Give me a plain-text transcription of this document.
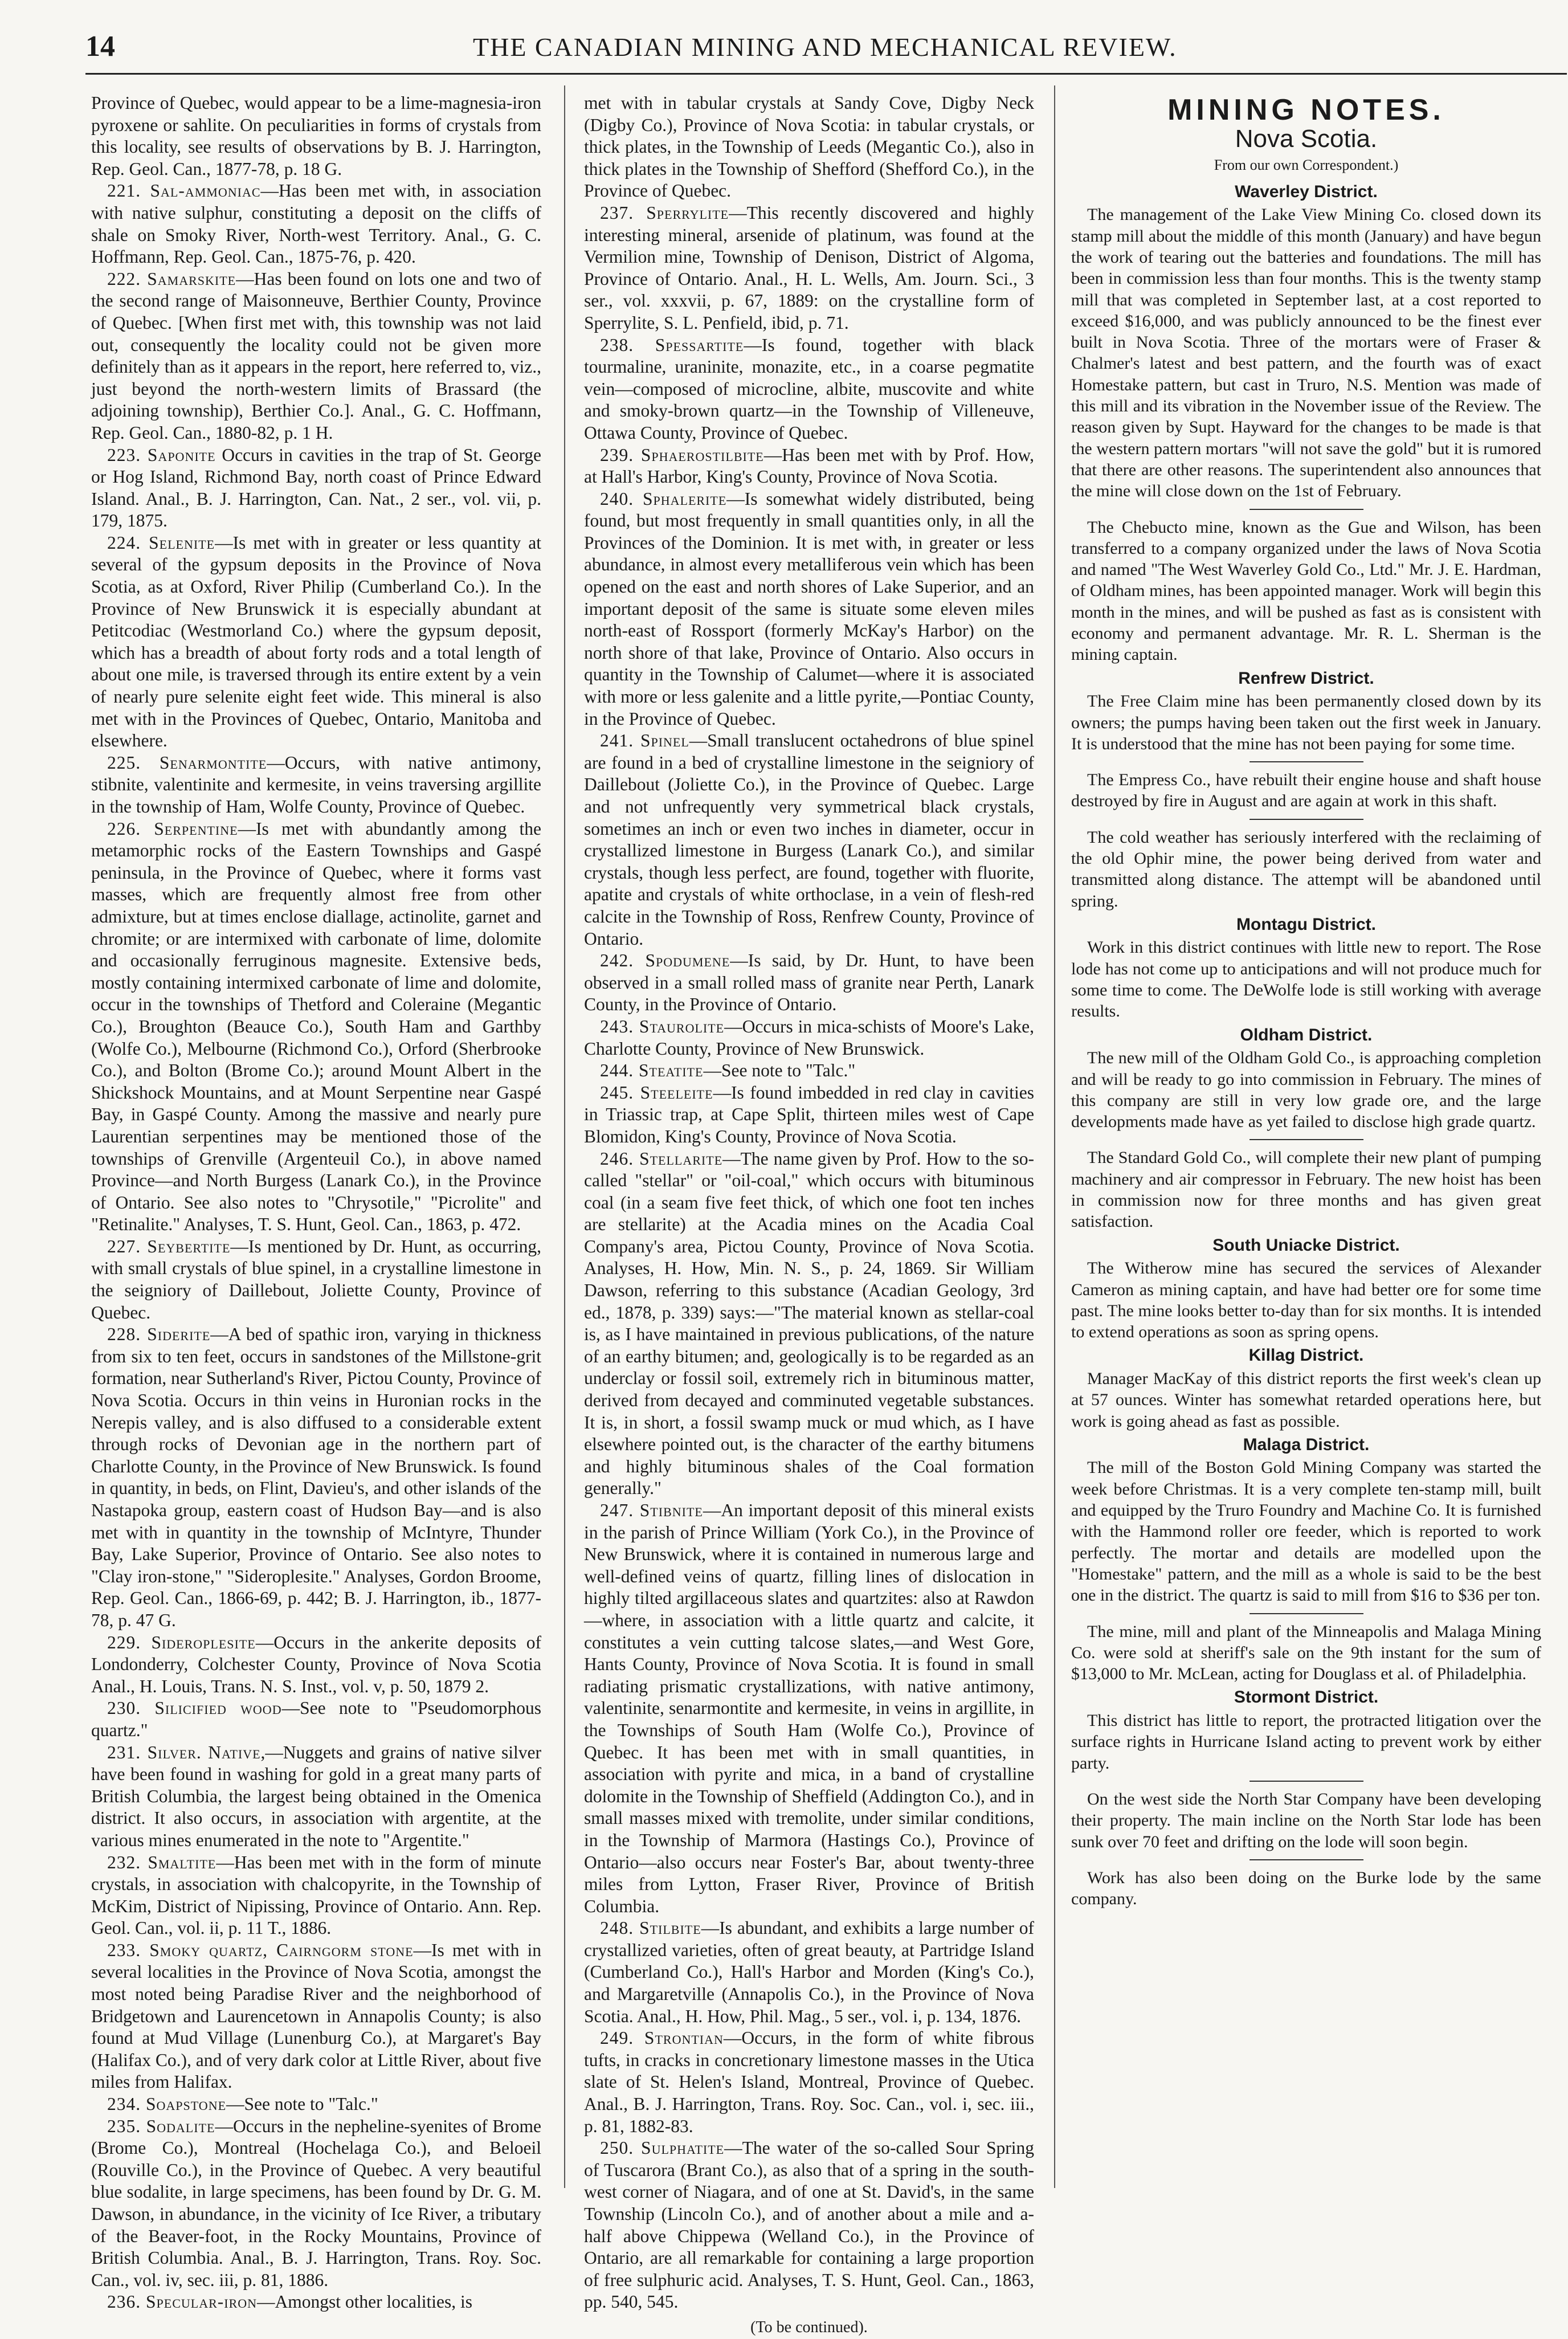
14	THE CANADIAN MINING AND MECHANICAL REVIEW.

Province of Quebec, would appear to be a lime-magnesia-iron pyroxene or sahlite. On peculiarities in forms of crystals from this locality, see results of observations by B. J. Harrington, Rep. Geol. Can., 1877-78, p. 18 G.

221. Sal-ammoniac—Has been met with, in association with native sulphur, constituting a deposit on the cliffs of shale on Smoky River, North-west Territory. Anal., G. C. Hoffmann, Rep. Geol. Can., 1875-76, p. 420.

222. Samarskite—Has been found on lots one and two of the second range of Maisonneuve, Berthier County, Province of Quebec. [When first met with, this township was not laid out, consequently the locality could not be given more definitely than as it appears in the report, here referred to, viz., just beyond the north-western limits of Brassard (the adjoining township), Berthier Co.]. Anal., G. C. Hoffmann, Rep. Geol. Can., 1880-82, p. 1 H.

223. Saponite Occurs in cavities in the trap of St. George or Hog Island, Richmond Bay, north coast of Prince Edward Island. Anal., B. J. Harrington, Can. Nat., 2 ser., vol. vii, p. 179, 1875.

224. Selenite—Is met with in greater or less quantity at several of the gypsum deposits in the Province of Nova Scotia, as at Oxford, River Philip (Cumberland Co.). In the Province of New Brunswick it is especially abundant at Petitcodiac (Westmorland Co.) where the gypsum deposit, which has a breadth of about forty rods and a total length of about one mile, is traversed through its entire extent by a vein of nearly pure selenite eight feet wide. This mineral is also met with in the Provinces of Quebec, Ontario, Manitoba and elsewhere.

225. Senarmontite—Occurs, with native antimony, stibnite, valentinite and kermesite, in veins traversing argillite in the township of Ham, Wolfe County, Province of Quebec.

226. Serpentine—Is met with abundantly among the metamorphic rocks of the Eastern Townships and Gaspé peninsula, in the Province of Quebec, where it forms vast masses, which are frequently almost free from other admixture, but at times enclose diallage, actinolite, garnet and chromite; or are intermixed with carbonate of lime, dolomite and occasionally ferruginous magnesite. Extensive beds, mostly containing intermixed carbonate of lime and dolomite, occur in the townships of Thetford and Coleraine (Megantic Co.), Broughton (Beauce Co.), South Ham and Garthby (Wolfe Co.), Melbourne (Richmond Co.), Orford (Sherbrooke Co.), and Bolton (Brome Co.); around Mount Albert in the Shickshock Mountains, and at Mount Serpentine near Gaspé Bay, in Gaspé County. Among the massive and nearly pure Laurentian serpentines may be mentioned those of the townships of Grenville (Argenteuil Co.), in above named Province—and North Burgess (Lanark Co.), in the Province of Ontario. See also notes to "Chrysotile," "Picrolite" and "Retinalite." Analyses, T. S. Hunt, Geol. Can., 1863, p. 472.

227. Seybertite—Is mentioned by Dr. Hunt, as occurring, with small crystals of blue spinel, in a crystalline limestone in the seigniory of Daillebout, Joliette County, Province of Quebec.

228. Siderite—A bed of spathic iron, varying in thickness from six to ten feet, occurs in sandstones of the Millstone-grit formation, near Sutherland's River, Pictou County, Province of Nova Scotia. Occurs in thin veins in Huronian rocks in the Nerepis valley, and is also diffused to a considerable extent through rocks of Devonian age in the northern part of Charlotte County, in the Province of New Brunswick. Is found in quantity, in beds, on Flint, Davieu's, and other islands of the Nastapoka group, eastern coast of Hudson Bay—and is also met with in quantity in the township of McIntyre, Thunder Bay, Lake Superior, Province of Ontario. See also notes to "Clay iron-stone," "Sideroplesite." Analyses, Gordon Broome, Rep. Geol. Can., 1866-69, p. 442; B. J. Harrington, ib., 1877-78, p. 47 G.

229. Sideroplesite—Occurs in the ankerite deposits of Londonderry, Colchester County, Province of Nova Scotia Anal., H. Louis, Trans. N. S. Inst., vol. v, p. 50, 1879 2.

230. Silicified wood—See note to "Pseudomorphous quartz."

231. Silver. Native,—Nuggets and grains of native silver have been found in washing for gold in a great many parts of British Columbia, the largest being obtained in the Omenica district. It also occurs, in association with argentite, at the various mines enumerated in the note to "Argentite."

232. Smaltite—Has been met with in the form of minute crystals, in association with chalcopyrite, in the Township of McKim, District of Nipissing, Province of Ontario. Ann. Rep. Geol. Can., vol. ii, p. 11 T., 1886.

233. Smoky quartz, Cairngorm stone—Is met with in several localities in the Province of Nova Scotia, amongst the most noted being Paradise River and the neighborhood of Bridgetown and Laurencetown in Annapolis County; is also found at Mud Village (Lunenburg Co.), at Margaret's Bay (Halifax Co.), and of very dark color at Little River, about five miles from Halifax.

234. Soapstone—See note to "Talc."

235. Sodalite—Occurs in the nepheline-syenites of Brome (Brome Co.), Montreal (Hochelaga Co.), and Beloeil (Rouville Co.), in the Province of Quebec. A very beautiful blue sodalite, in large specimens, has been found by Dr. G. M. Dawson, in abundance, in the vicinity of Ice River, a tributary of the Beaver-foot, in the Rocky Mountains, Province of British Columbia. Anal., B. J. Harrington, Trans. Roy. Soc. Can., vol. iv, sec. iii, p. 81, 1886.

236. Specular-iron—Amongst other localities, is

met with in tabular crystals at Sandy Cove, Digby Neck (Digby Co.), Province of Nova Scotia: in tabular crystals, or thick plates, in the Township of Leeds (Megantic Co.), also in thick plates in the Township of Shefford (Shefford Co.), in the Province of Quebec.

237. Sperrylite—This recently discovered and highly interesting mineral, arsenide of platinum, was found at the Vermilion mine, Township of Denison, District of Algoma, Province of Ontario. Anal., H. L. Wells, Am. Journ. Sci., 3 ser., vol. xxxvii, p. 67, 1889: on the crystalline form of Sperrylite, S. L. Penfield, ibid, p. 71.

238. Spessartite—Is found, together with black tourmaline, uraninite, monazite, etc., in a coarse pegmatite vein—composed of microcline, albite, muscovite and white and smoky-brown quartz—in the Township of Villeneuve, Ottawa County, Province of Quebec.

239. Sphaerostilbite—Has been met with by Prof. How, at Hall's Harbor, King's County, Province of Nova Scotia.

240. Sphalerite—Is somewhat widely distributed, being found, but most frequently in small quantities only, in all the Provinces of the Dominion. It is met with, in greater or less abundance, in almost every metalliferous vein which has been opened on the east and north shores of Lake Superior, and an important deposit of the same is situate some eleven miles north-east of Rossport (formerly McKay's Harbor) on the north shore of that lake, Province of Ontario. Also occurs in quantity in the Township of Calumet—where it is associated with more or less galenite and a little pyrite,—Pontiac County, in the Province of Quebec.

241. Spinel—Small translucent octahedrons of blue spinel are found in a bed of crystalline limestone in the seigniory of Daillebout (Joliette Co.), in the Province of Quebec. Large and not unfrequently very symmetrical black crystals, sometimes an inch or even two inches in diameter, occur in crystallized limestone in Burgess (Lanark Co.), and similar crystals, though less perfect, are found, together with fluorite, apatite and crystals of white orthoclase, in a vein of flesh-red calcite in the Township of Ross, Renfrew County, Province of Ontario.

242. Spodumene—Is said, by Dr. Hunt, to have been observed in a small rolled mass of granite near Perth, Lanark County, in the Province of Ontario.

243. Staurolite—Occurs in mica-schists of Moore's Lake, Charlotte County, Province of New Brunswick.

244. Steatite—See note to "Talc."

245. Steeleite—Is found imbedded in red clay in cavities in Triassic trap, at Cape Split, thirteen miles west of Cape Blomidon, King's County, Province of Nova Scotia.

246. Stellarite—The name given by Prof. How to the so-called "stellar" or "oil-coal," which occurs with bituminous coal (in a seam five feet thick, of which one foot ten inches are stellarite) at the Acadia mines on the Acadia Coal Company's area, Pictou County, Province of Nova Scotia. Analyses, H. How, Min. N. S., p. 24, 1869. Sir William Dawson, referring to this substance (Acadian Geology, 3rd ed., 1878, p. 339) says:—"The material known as stellar-coal is, as I have maintained in previous publications, of the nature of an earthy bitumen; and, geologically is to be regarded as an underclay or fossil soil, extremely rich in bituminous matter, derived from decayed and comminuted vegetable substances. It is, in short, a fossil swamp muck or mud which, as I have elsewhere pointed out, is the character of the earthy bitumens and highly bituminous shales of the Coal formation generally."

247. Stibnite—An important deposit of this mineral exists in the parish of Prince William (York Co.), in the Province of New Brunswick, where it is contained in numerous large and well-defined veins of quartz, filling lines of dislocation in highly tilted argillaceous slates and quartzites: also at Rawdon—where, in association with a little quartz and calcite, it constitutes a vein cutting talcose slates,—and West Gore, Hants County, Province of Nova Scotia. It is found in small radiating prismatic crystallizations, with native antimony, valentinite, senarmontite and kermesite, in veins in argillite, in the Townships of South Ham (Wolfe Co.), Province of Quebec. It has been met with in small quantities, in association with pyrite and mica, in a band of crystalline dolomite in the Township of Sheffield (Addington Co.), and in small masses mixed with tremolite, under similar conditions, in the Township of Marmora (Hastings Co.), Province of Ontario—also occurs near Foster's Bar, about twenty-three miles from Lytton, Fraser River, Province of British Columbia.

248. Stilbite—Is abundant, and exhibits a large number of crystallized varieties, often of great beauty, at Partridge Island (Cumberland Co.), Hall's Harbor and Morden (King's Co.), and Margaretville (Annapolis Co.), in the Province of Nova Scotia. Anal., H. How, Phil. Mag., 5 ser., vol. i, p. 134, 1876.

249. Strontian—Occurs, in the form of white fibrous tufts, in cracks in concretionary limestone masses in the Utica slate of St. Helen's Island, Montreal, Province of Quebec. Anal., B. J. Harrington, Trans. Roy. Soc. Can., vol. i, sec. iii., p. 81, 1882-83.

250. Sulphatite—The water of the so-called Sour Spring of Tuscarora (Brant Co.), as also that of a spring in the south-west corner of Niagara, and of one at St. David's, in the same Township (Lincoln Co.), and of another about a mile and a-half above Chippewa (Welland Co.), in the Province of Ontario, are all remarkable for containing a large proportion of free sulphuric acid. Analyses, T. S. Hunt, Geol. Can., 1863, pp. 540, 545.

(To be continued).
MINING NOTES.
Nova Scotia.
From our own Correspondent.)
Waverley District.

The management of the Lake View Mining Co. closed down its stamp mill about the middle of this month (January) and have begun the work of tearing out the batteries and foundations. The mill has been in commission less than four months. This is the twenty stamp mill that was completed in September last, at a cost reported to exceed $16,000, and was publicly announced to be the finest ever built in Nova Scotia. Three of the mortars were of Fraser & Chalmer's latest and best pattern, and the fourth was of exact Homestake pattern, but cast in Truro, N.S. Mention was made of this mill and its vibration in the November issue of the Review. The reason given by Supt. Hayward for the changes to be made is that the western pattern mortars "will not save the gold" but it is rumored that there are other reasons. The superintendent also announces that the mine will close down on the 1st of February.

The Chebucto mine, known as the Gue and Wilson, has been transferred to a company organized under the laws of Nova Scotia and named "The West Waverley Gold Co., Ltd." Mr. J. E. Hardman, of Oldham mines, has been appointed manager. Work will begin this month in the mines, and will be pushed as fast as is consistent with economy and permanent advantage. Mr. R. L. Sherman is the mining captain.

Renfrew District.

The Free Claim mine has been permanently closed down by its owners; the pumps having been taken out the first week in January. It is understood that the mine has not been paying for some time.

The Empress Co., have rebuilt their engine house and shaft house destroyed by fire in August and are again at work in this shaft.

The cold weather has seriously interfered with the reclaiming of the old Ophir mine, the power being derived from water and transmitted along distance. The attempt will be abandoned until spring.

Montagu District.

Work in this district continues with little new to report. The Rose lode has not come up to anticipations and will not produce much for some time to come. The DeWolfe lode is still working with average results.

Oldham District.

The new mill of the Oldham Gold Co., is approaching completion and will be ready to go into commission in February. The mines of this company are still in very low grade ore, and the large developments made have as yet failed to disclose high grade quartz.

The Standard Gold Co., will complete their new plant of pumping machinery and air compressor in February. The new hoist has been in commission now for three months and has given great satisfaction.

South Uniacke District.

The Witherow mine has secured the services of Alexander Cameron as mining captain, and have had better ore for some time past. The mine looks better to-day than for six months. It is intended to extend operations as soon as spring opens.

Killag District.

Manager MacKay of this district reports the first week's clean up at 57 ounces. Winter has somewhat retarded operations here, but work is going ahead as fast as possible.

Malaga District.

The mill of the Boston Gold Mining Company was started the week before Christmas. It is a very complete ten-stamp mill, built and equipped by the Truro Foundry and Machine Co. It is furnished with the Hammond roller ore feeder, which is reported to work perfectly. The mortar and details are modelled upon the "Homestake" pattern, and the mill as a whole is said to be the best one in the district. The quartz is said to mill from $16 to $36 per ton.

The mine, mill and plant of the Minneapolis and Malaga Mining Co. were sold at sheriff's sale on the 9th instant for the sum of $13,000 to Mr. McLean, acting for Douglass et al. of Philadelphia.

Stormont District.

This district has little to report, the protracted litigation over the surface rights in Hurricane Island acting to prevent work by either party.

On the west side the North Star Company have been developing their property. The main incline on the North Star lode has been sunk over 70 feet and drifting on the lode will soon begin.

Work has also been doing on the Burke lode by the same company.
